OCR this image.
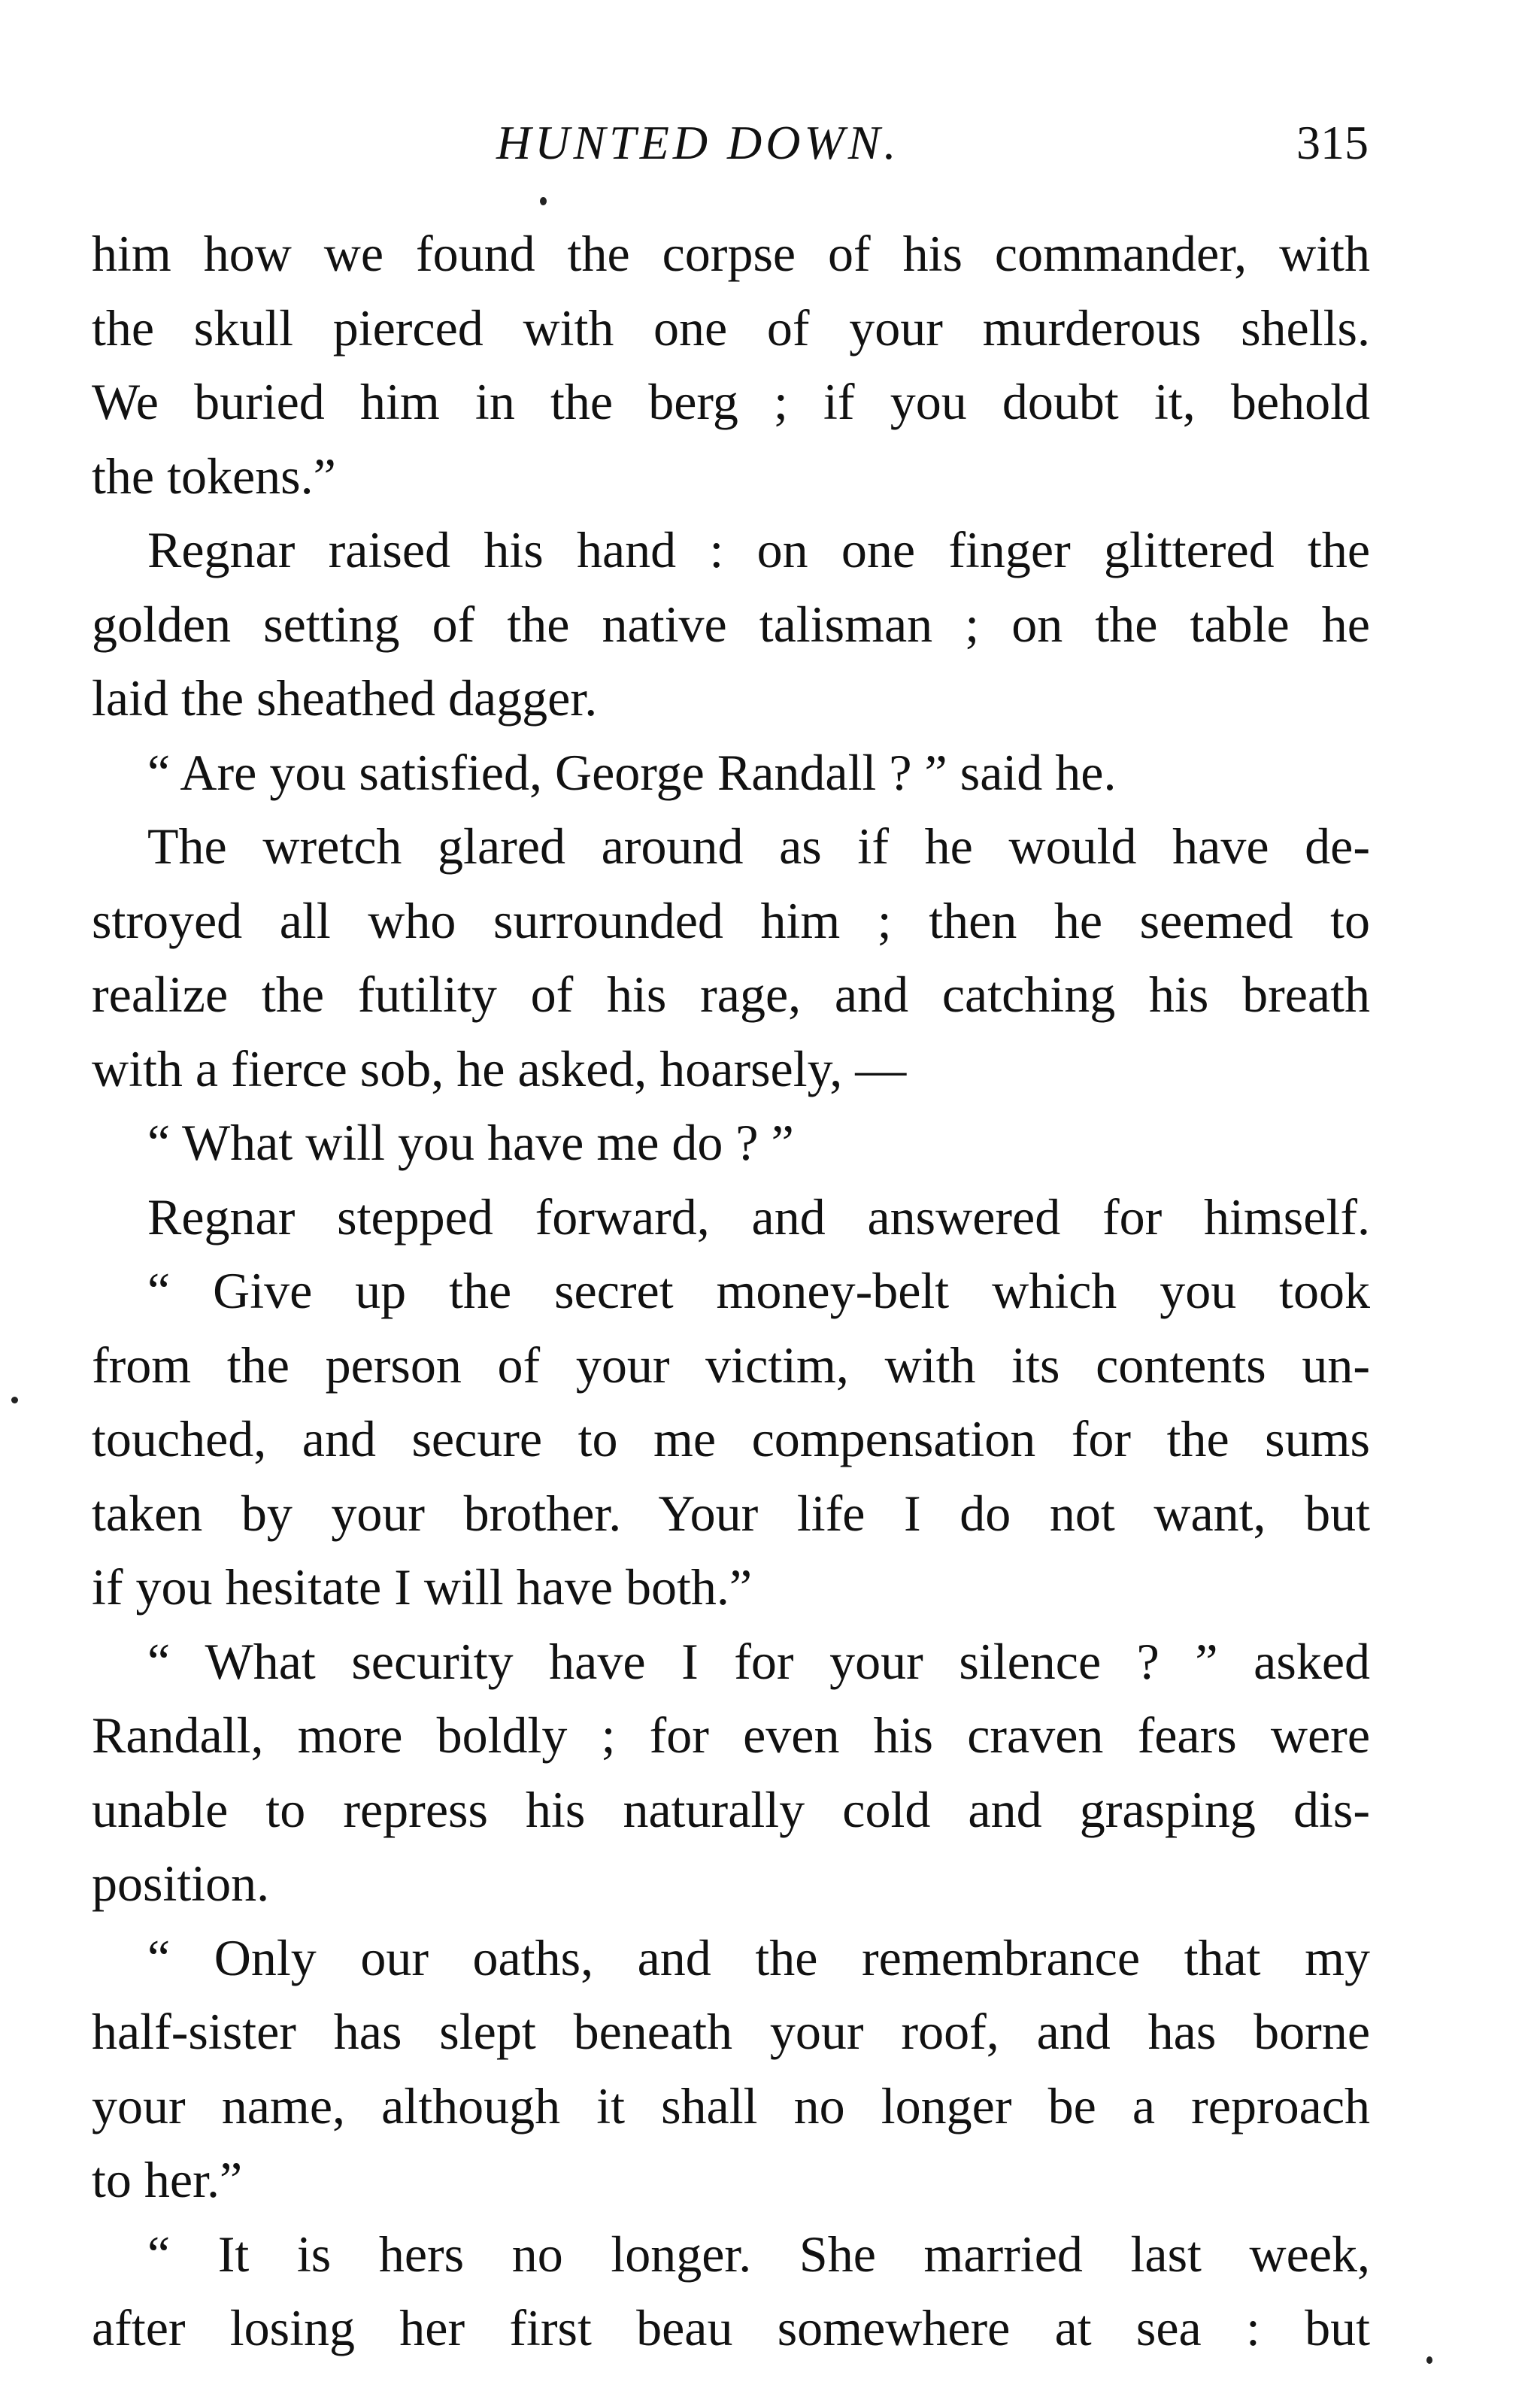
HUNTED DOWN.	315
him how we found the corpse of his commander, with
the skull pierced with one of your murderous shells.
We buried him in the berg ; if you doubt it, behold
the tokens.”
Regnar raised his hand : on one finger glittered the
golden setting of the native talisman ; on the table he
laid the sheathed dagger.
“ Are you satisfied, George Randall ? ” said he.
The wretch glared around as if he would have de-
stroyed all who surrounded him ; then he seemed to
realize the futility of his rage, and catching his breath
with a fierce sob, he asked, hoarsely, —
“ What will you have me do ? ”
Regnar stepped forward, and answered for himself.
“ Give up the secret money-belt which you took
from the person of your victim, with its contents un-
touched, and secure to me compensation for the sums
taken by your brother. Your life I do not want, but
if you hesitate I will have both.”
“ What security have I for your silence ? ” asked
Randall, more boldly ; for even his craven fears were
unable to repress his naturally cold and grasping dis-
position.
“ Only our oaths, and the remembrance that my
half-sister has slept beneath your roof, and has borne
your name, although it shall no longer be a reproach
to her.”
“ It is hers no longer. She married last week,
after losing her first beau somewhere at sea : but
